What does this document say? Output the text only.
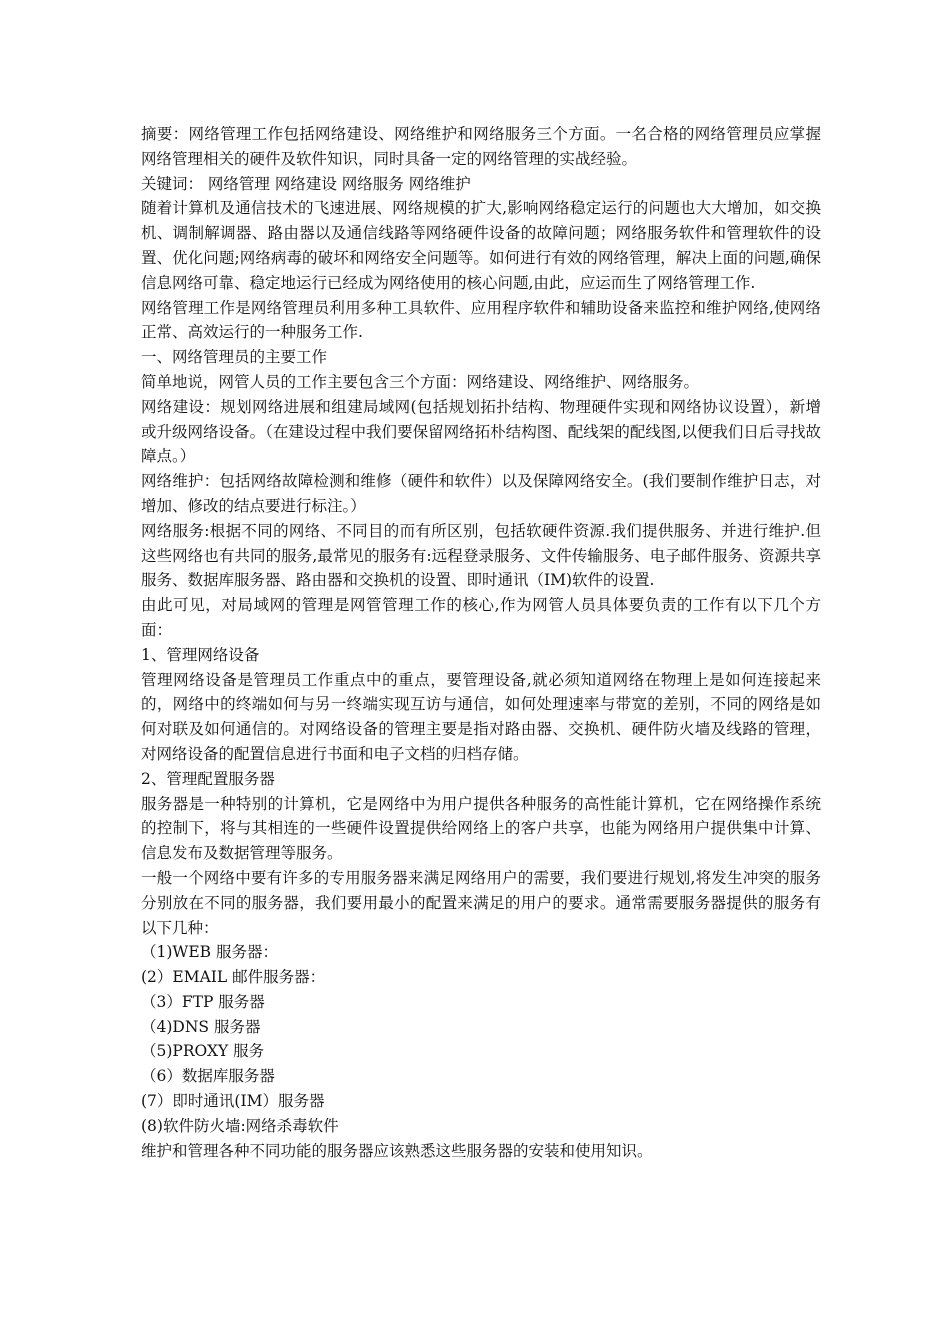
摘要：网络管理工作包括网络建设、网络维护和网络服务三个方面。一名合格的网络管理员应掌握网络管理相关的硬件及软件知识，同时具备一定的网络管理的实战经验。

关键词： 网络管理 网络建设 网络服务 网络维护

随着计算机及通信技术的飞速进展、网络规模的扩大,影响网络稳定运行的问题也大大增加，如交换机、调制解调器、路由器以及通信线路等网络硬件设备的故障问题；网络服务软件和管理软件的设置、优化问题;网络病毒的破坏和网络安全问题等。如何进行有效的网络管理，解决上面的问题,确保信息网络可靠、稳定地运行已经成为网络使用的核心问题,由此，应运而生了网络管理工作.

网络管理工作是网络管理员利用多种工具软件、应用程序软件和辅助设备来监控和维护网络,使网络正常、高效运行的一种服务工作.

一、网络管理员的主要工作

简单地说，网管人员的工作主要包含三个方面：网络建设、网络维护、网络服务。

网络建设：规划网络进展和组建局域网(包括规划拓扑结构、物理硬件实现和网络协议设置），新增或升级网络设备。（在建设过程中我们要保留网络拓朴结构图、配线架的配线图,以便我们日后寻找故障点。）

网络维护：包括网络故障检测和维修（硬件和软件）以及保障网络安全。(我们要制作维护日志，对增加、修改的结点要进行标注。）

网络服务:根据不同的网络、不同目的而有所区别，包括软硬件资源.我们提供服务、并进行维护.但这些网络也有共同的服务,最常见的服务有:远程登录服务、文件传输服务、电子邮件服务、资源共享服务、数据库服务器、路由器和交换机的设置、即时通讯（IM)软件的设置.

由此可见，对局域网的管理是网管管理工作的核心,作为网管人员具体要负责的工作有以下几个方面：

1、管理网络设备

管理网络设备是管理员工作重点中的重点，要管理设备,就必须知道网络在物理上是如何连接起来的，网络中的终端如何与另一终端实现互访与通信，如何处理速率与带宽的差别，不同的网络是如何对联及如何通信的。对网络设备的管理主要是指对路由器、交换机、硬件防火墙及线路的管理，对网络设备的配置信息进行书面和电子文档的归档存储。

2、管理配置服务器

服务器是一种特别的计算机，它是网络中为用户提供各种服务的高性能计算机，它在网络操作系统的控制下，将与其相连的一些硬件设置提供给网络上的客户共享，也能为网络用户提供集中计算、信息发布及数据管理等服务。

一般一个网络中要有许多的专用服务器来满足网络用户的需要，我们要进行规划,将发生冲突的服务分别放在不同的服务器，我们要用最小的配置来满足的用户的要求。通常需要服务器提供的服务有以下几种：

（1)WEB 服务器：

(2）EMAIL 邮件服务器：

（3）FTP 服务器

（4)DNS 服务器

（5)PROXY 服务

（6）数据库服务器

(7）即时通讯(IM）服务器

(8)软件防火墙:网络杀毒软件

维护和管理各种不同功能的服务器应该熟悉这些服务器的安装和使用知识。
